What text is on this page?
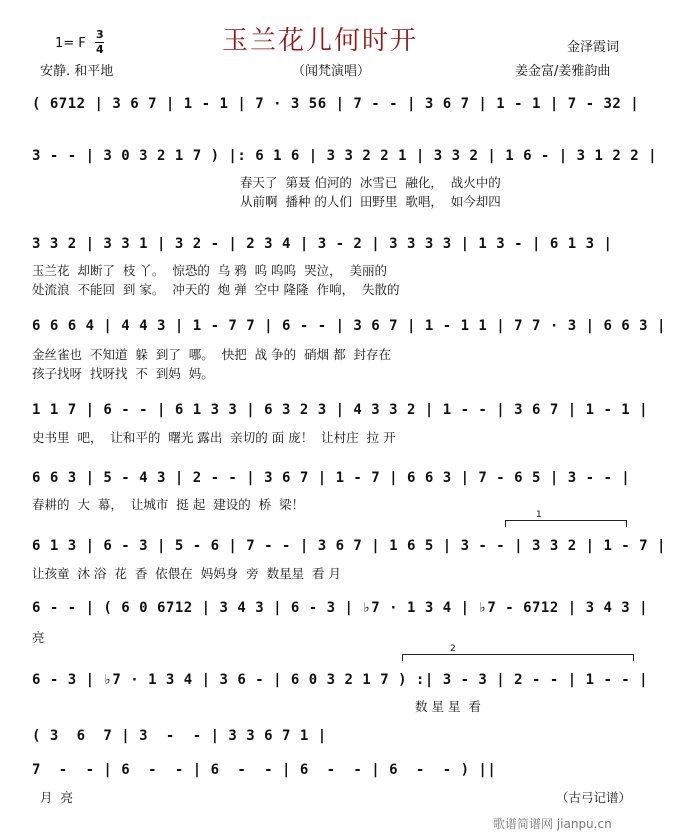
1= F
3
4	玉兰花儿何时开	金泽霞词
安静. 和平地	（闻梵演唱）	姜金富/姜雅韵曲
( 6712 | 3 6 7 | 1 - 1 | 7 · 3 56 | 7 - - | 3 6 7 | 1 - 1 | 7 - 32 |
3 - - | 3 0 3 2 1 7 ) |: 6 1 6 | 3 3 2 2 1 | 3 3 2 | 1 6 - | 3 1 2 2 |
春天了  第聂 伯河的  冰雪已  融化，  战火中的
从前啊  播种 的人们  田野里  歌唱，  如今却四
3 3 2 | 3 3 1 | 3 2 - | 2 3 4 | 3 - 2 | 3 3 3 3 | 1 3 - | 6 1 3 |
玉兰花  却断了  枝 丫。  惊恐的  乌 鸦  呜 呜呜  哭泣，  美丽的
处流浪  不能回  到 家。  冲天的  炮 弹  空中 隆隆  作响，  失散的
6 6 6 4 | 4 4 3 | 1 - 7 7 | 6 - - | 3 6 7 | 1 - 1 1 | 7 7 · 3 | 6 6 3 |
金丝雀也  不知道  躲  到了  哪。  快把  战 争的  硝烟 都  封存在
孩子找呀  找呀找  不  到妈  妈。
1 1 7 | 6 - - | 6 1 3 3 | 6 3 2 3 | 4 3 3 2 | 1 - - | 3 6 7 | 1 - 1 |
史书里  吧，  让和平的  曙光 露出  亲切的 面 庞！  让村庄  拉 开
6 6 3 | 5 - 4 3 | 2 - - | 3 6 7 | 1 - 7 | 6 6 3 | 7 - 6 5 | 3 - - |
春耕的  大  幕，  让城市  挺 起  建设的  桥  梁！
1
6 1 3 | 6 - 3 | 5 - 6 | 7 - - | 3 6 7 | 1 6 5 | 3 - - | 3 3 2 | 1 - 7 |
让孩童  沐 浴  花  香  依偎在  妈妈身  旁  数星星  看 月
6 - - | ( 6 0 6712 | 3 4 3 | 6 - 3 | ♭7 · 1 3 4 | ♭7 - 6712 | 3 4 3 |
亮
2
6 - 3 | ♭7 · 1 3 4 | 3 6 - | 6 0 3 2 1 7 ) :| 3 - 3 | 2 - - | 1 - - |
数 星 星  看
( 3  6  7 | 3  -  - | 3 3 6 7 1 |
7  -  - | 6  -  - | 6  -  - | 6  -  - | 6  -  - ) ||
月  亮	（古弓记谱）
歌谱简谱网 jianpu.cn
